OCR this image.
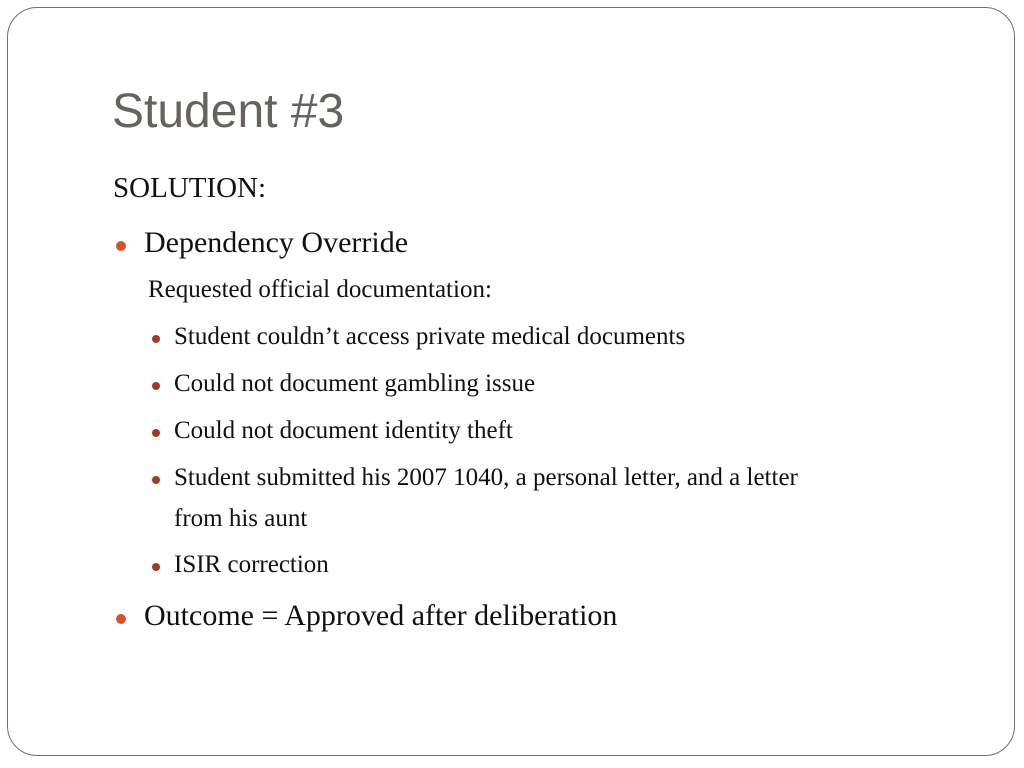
Student #3
SOLUTION:
Dependency Override
Requested official documentation:
Student couldn’t access private medical documents
Could not document gambling issue
Could not document identity theft
Student submitted his 2007 1040, a personal letter, and a letter
from his aunt
ISIR correction
Outcome = Approved after deliberation
